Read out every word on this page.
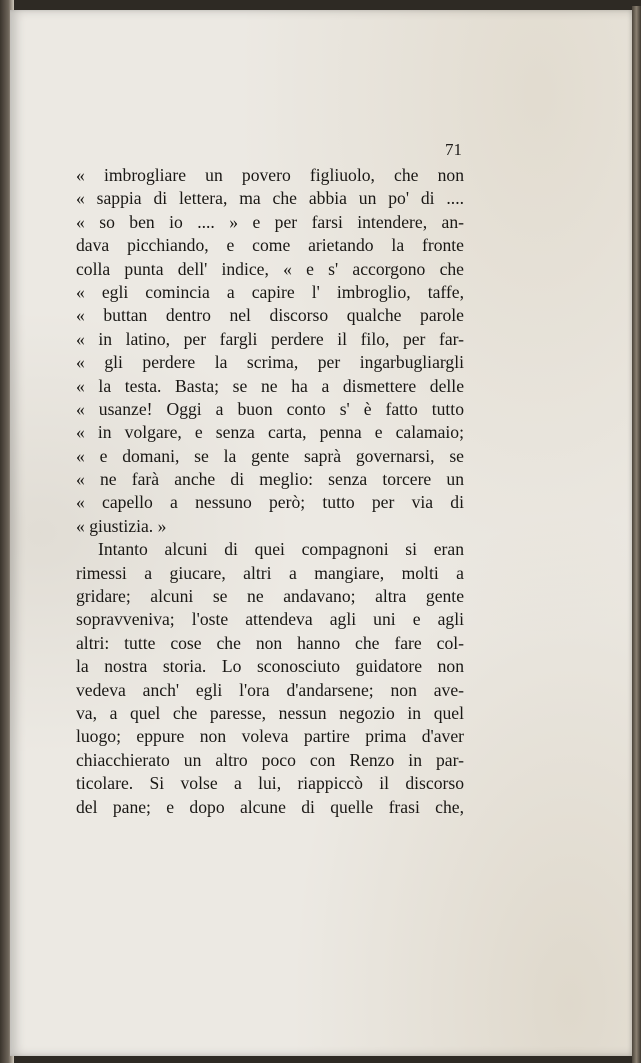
71
« imbrogliare un povero figliuolo, che non
« sappia di lettera, ma che abbia un po' di ....
« so ben io .... » e per farsi intendere, an-
dava picchiando, e come arietando la fronte
colla punta dell' indice, « e s' accorgono che
« egli comincia a capire l' imbroglio, taffe,
« buttan dentro nel discorso qualche parole
« in latino, per fargli perdere il filo, per far-
« gli perdere la scrima, per ingarbugliargli
« la testa. Basta; se ne ha a dismettere delle
« usanze! Oggi a buon conto s' è fatto tutto
« in volgare, e senza carta, penna e calamaio;
« e domani, se la gente saprà governarsi, se
« ne farà anche di meglio: senza torcere un
« capello a nessuno però; tutto per via di
« giustizia. »
Intanto alcuni di quei compagnoni si eran
rimessi a giucare, altri a mangiare, molti a
gridare; alcuni se ne andavano; altra gente
sopravveniva; l'oste attendeva agli uni e agli
altri: tutte cose che non hanno che fare col-
la nostra storia. Lo sconosciuto guidatore non
vedeva anch' egli l'ora d'andarsene; non ave-
va, a quel che paresse, nessun negozio in quel
luogo; eppure non voleva partire prima d'aver
chiacchierato un altro poco con Renzo in par-
ticolare. Si volse a lui, riappiccò il discorso
del pane; e dopo alcune di quelle frasi che,
